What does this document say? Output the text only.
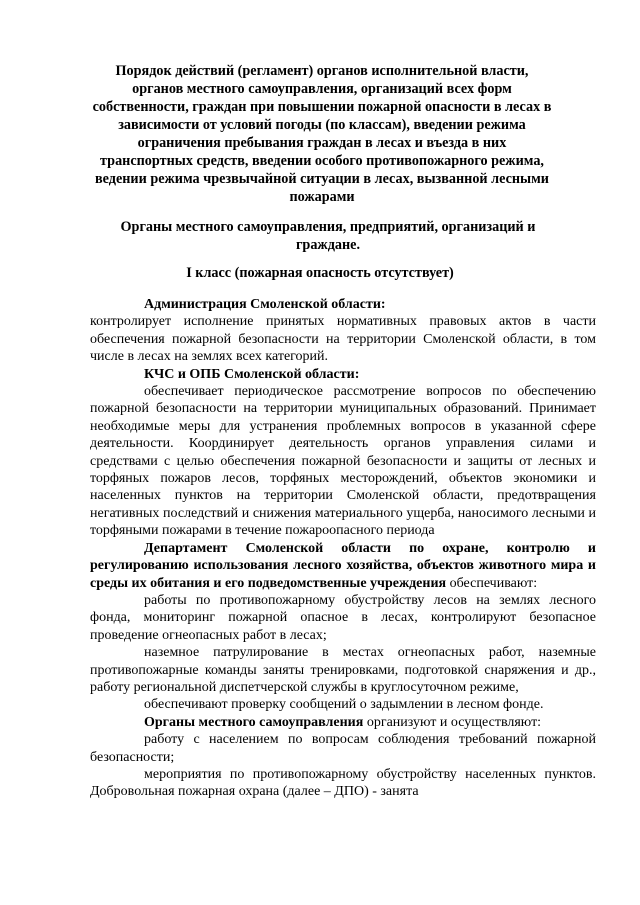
Порядок действий (регламент) органов исполнительной власти, органов местного самоуправления, организаций всех форм собственности, граждан при повышении пожарной опасности в лесах в зависимости от условий погоды (по классам), введении режима ограничения пребывания граждан в лесах и въезда в них транспортных средств, введении особого противопожарного режима, ведении режима чрезвычайной ситуации в лесах, вызванной лесными пожарами
Органы местного самоуправления, предприятий, организаций и граждане.
I класс (пожарная опасность отсутствует)

Администрация Смоленской области:

контролирует исполнение принятых нормативных правовых актов в части обеспечения пожарной безопасности на территории Смоленской области, в том числе в лесах на землях всех категорий.

КЧС и ОПБ Смоленской области:

обеспечивает периодическое рассмотрение вопросов по обеспечению пожарной безопасности на территории муниципальных образований. Принимает необходимые меры для устранения проблемных вопросов в указанной сфере деятельности. Координирует деятельность органов управления силами и средствами с целью обеспечения пожарной безопасности и защиты от лесных и торфяных пожаров лесов, торфяных месторождений, объектов экономики и населенных пунктов на территории Смоленской области, предотвращения негативных последствий и снижения материального ущерба, наносимого лесными и торфяными пожарами в течение пожароопасного периода

Департамент Смоленской области по охране, контролю и регулированию использования лесного хозяйства, объектов животного мира и среды их обитания и его подведомственные учреждения обеспечивают:

работы по противопожарному обустройству лесов на землях лесного фонда, мониторинг пожарной опасное в лесах, контролируют безопасное проведение огнеопасных работ в лесах;

наземное патрулирование в местах огнеопасных работ, наземные противопожарные команды заняты тренировками, подготовкой снаряжения и др., работу региональной диспетчерской службы в круглосуточном режиме,

обеспечивают проверку сообщений о задымлении в лесном фонде.

Органы местного самоуправления организуют и осуществляют:

работу с населением по вопросам соблюдения требований пожарной безопасности;

мероприятия по противопожарному обустройству населенных пунктов. Добровольная пожарная охрана (далее – ДПО) - занята
